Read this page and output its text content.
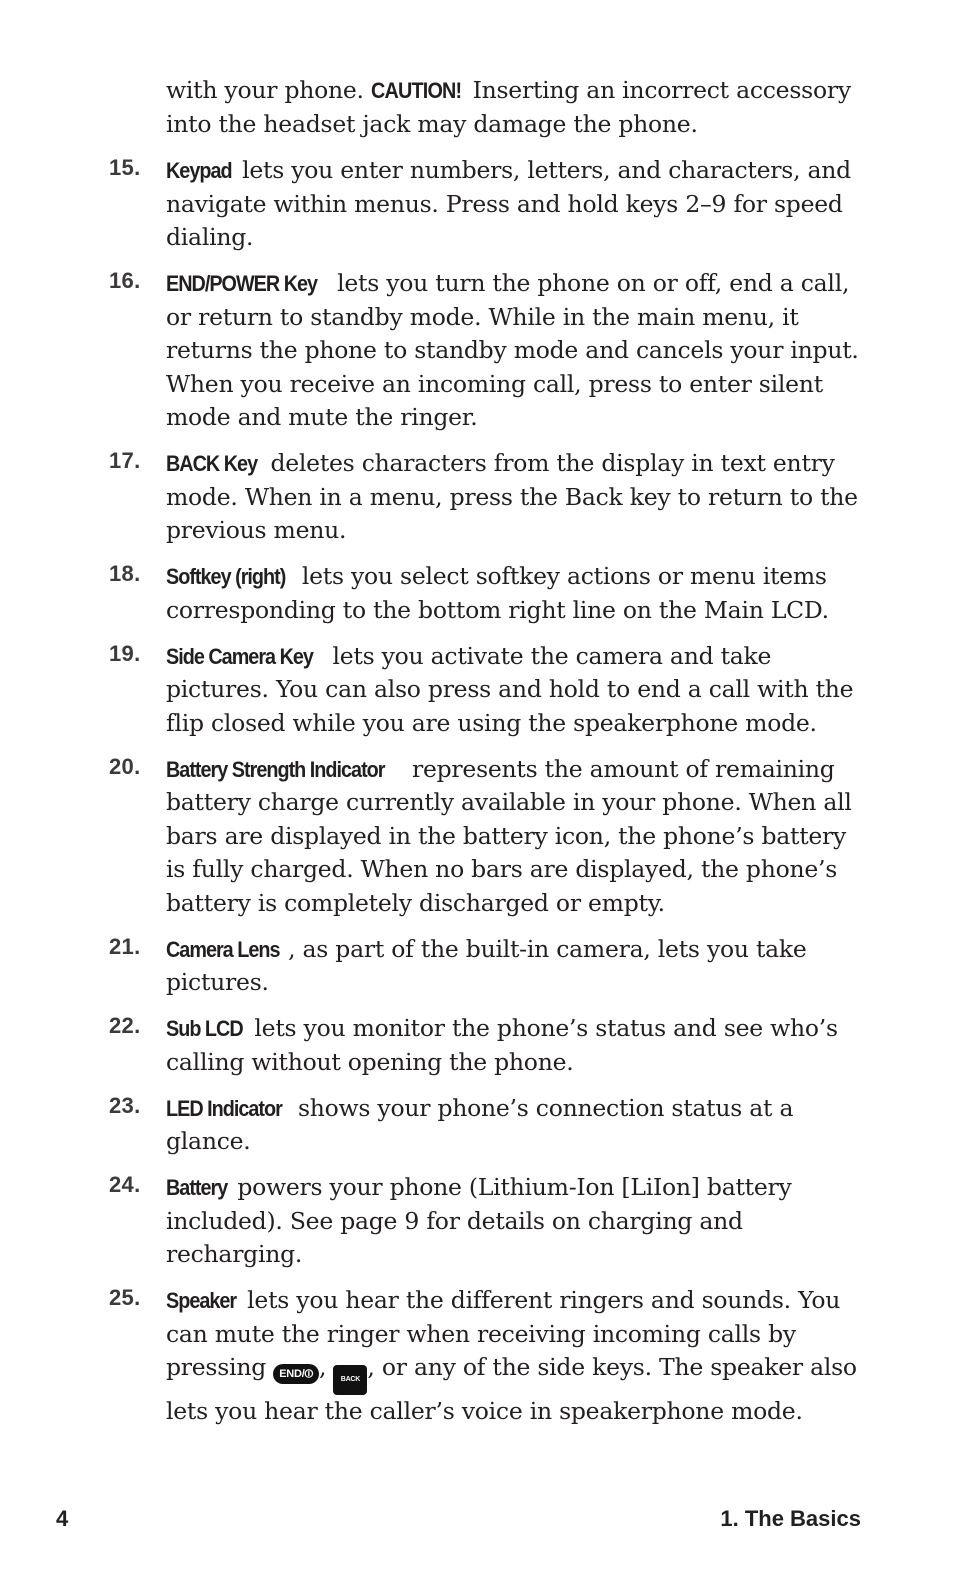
with your phone. CAUTION! Inserting an incorrect accessory into the headset jack may damage the phone.
15. Keypad lets you enter numbers, letters, and characters, and navigate within menus. Press and hold keys 2–9 for speed dialing.
16. END/POWER Key lets you turn the phone on or off, end a call, or return to standby mode. While in the main menu, it returns the phone to standby mode and cancels your input. When you receive an incoming call, press to enter silent mode and mute the ringer.
17. BACK Key deletes characters from the display in text entry mode. When in a menu, press the Back key to return to the previous menu.
18. Softkey (right) lets you select softkey actions or menu items corresponding to the bottom right line on the Main LCD.
19. Side Camera Key lets you activate the camera and take pictures. You can also press and hold to end a call with the flip closed while you are using the speakerphone mode.
20. Battery Strength Indicator represents the amount of remaining battery charge currently available in your phone. When all bars are displayed in the battery icon, the phone’s battery is fully charged. When no bars are displayed, the phone’s battery is completely discharged or empty.
21. Camera Lens , as part of the built-in camera, lets you take pictures.
22. Sub LCD lets you monitor the phone’s status and see who’s calling without opening the phone.
23. LED Indicator shows your phone’s connection status at a glance.
24. Battery powers your phone (Lithium-Ion [LiIon] battery included). See page 9 for details on charging and recharging.
25. Speaker lets you hear the different ringers and sounds. You can mute the ringer when receiving incoming calls by pressing END/⏼ , BACK , or any of the side keys. The speaker also lets you hear the caller’s voice in speakerphone mode.
4	1. The Basics
